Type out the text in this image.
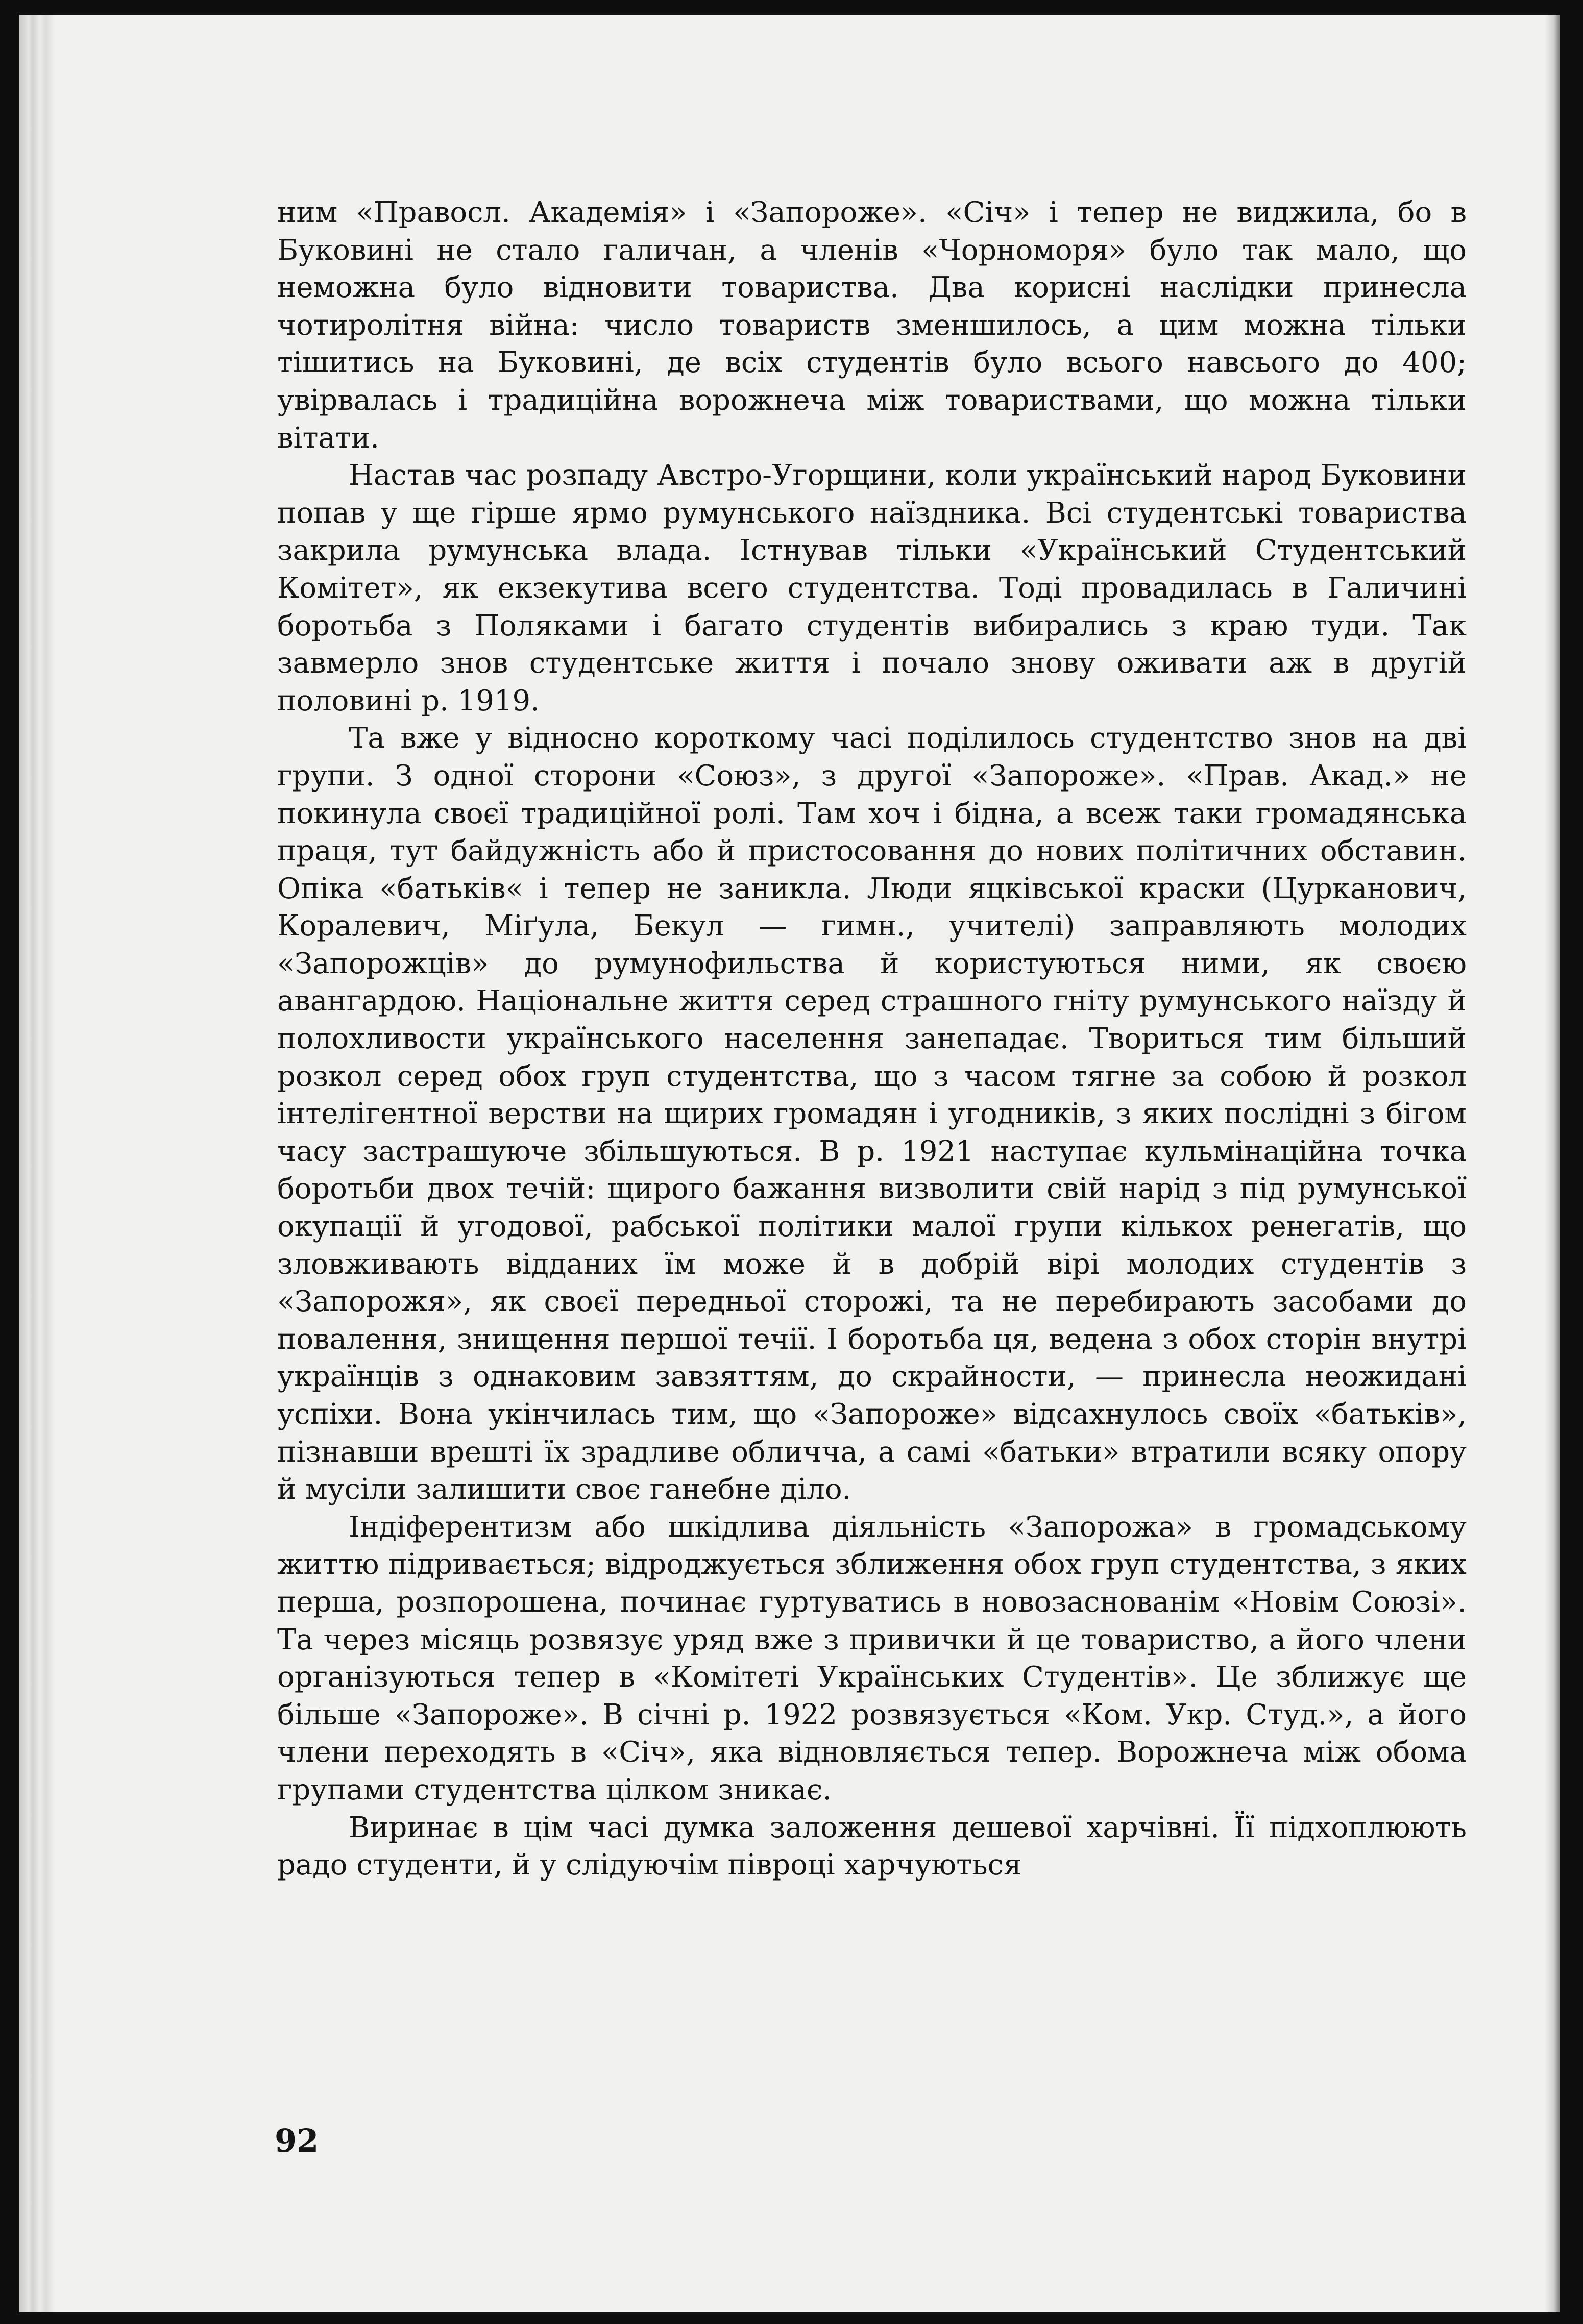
ним «Правосл. Академія» і «Запороже». «Січ» і тепер не виджила, бо в Буковині не стало галичан, а членів «Чорноморя» було так мало, що неможна було відновити товариства. Два корисні наслідки принесла чотиролітня війна: число товариств зменшилось, а цим можна тільки тішитись на Буковині, де всіх студентів було всього навсього до 400; увірвалась і традиційна ворожнеча між товариствами, що можна тільки вітати.

Настав час розпаду Австро-Угорщини, коли український народ Буковини попав у ще гірше ярмо румунського наїздника. Всі студентські товариства закрила румунська влада. Істнував тільки «Український Студентський Комітет», як екзекутива всего студентства. Тоді провадилась в Галичині боротьба з Поляками і багато студентів вибирались з краю туди. Так завмерло знов студентське життя і почало знову оживати аж в другій половині р. 1919.

Та вже у відносно короткому часі поділилось студентство знов на дві групи. З одної сторони «Союз», з другої «Запороже». «Прав. Акад.» не покинула своєї традиційної ролі. Там хоч і бідна, а всеж таки громадянська праця, тут байдужність або й пристосовання до нових політичних обставин. Опіка «батьків« і тепер не заникла. Люди яцківської краски (Цурканович, Коралевич, Міґула, Бекул — гимн., учителі) заправляють молодих «Запорожців» до румунофильства й користуються ними, як своєю авангардою. Національне життя серед страшного гніту румунського наїзду й полохливости українського населення занепадає. Твориться тим більший розкол серед обох груп студентства, що з часом тягне за собою й розкол інтелігентної верстви на щирих громадян і угодників, з яких послідні з бігом часу застрашуюче збільшуються. В р. 1921 наступає кульмінаційна точка боротьби двох течій: щирого бажання визволити свій нарід з під румунської окупації й угодової, рабської політики малої групи кількох ренегатів, що зловживають відданих їм може й в добрій вірі молодих студентів з «Запорожя», як своєї передньої сторожі, та не перебирають засобами до повалення, знищення першої течії. І боротьба ця, ведена з обох сторін внутрі українців з однаковим завзяттям, до скрайности, — принесла неожидані успіхи. Вона укінчилась тим, що «Запороже» відсахнулось своїх «батьків», пізнавши врешті їх зрадливе обличча, а самі «батьки» втратили всяку опору й мусіли залишити своє ганебне діло.

Індіферентизм або шкідлива діяльність «Запорожа» в громадському життю підривається; відроджується зближення обох груп студентства, з яких перша, розпорошена, починає гуртуватись в новозаснованім «Новім Союзі». Та через місяць розвязує уряд вже з привички й це товариство, а його члени організуються тепер в «Комітеті Українських Студентів». Це зближує ще більше «Запороже». В січні р. 1922 розвязується «Ком. Укр. Студ.», а його члени переходять в «Січ», яка відновляється тепер. Ворожнеча між обома групами студентства цілком зникає.

Виринає в цім часі думка заложення дешевої харчівні. Її підхоплюють радо студенти, й у слідуючім півроці харчуються

92
